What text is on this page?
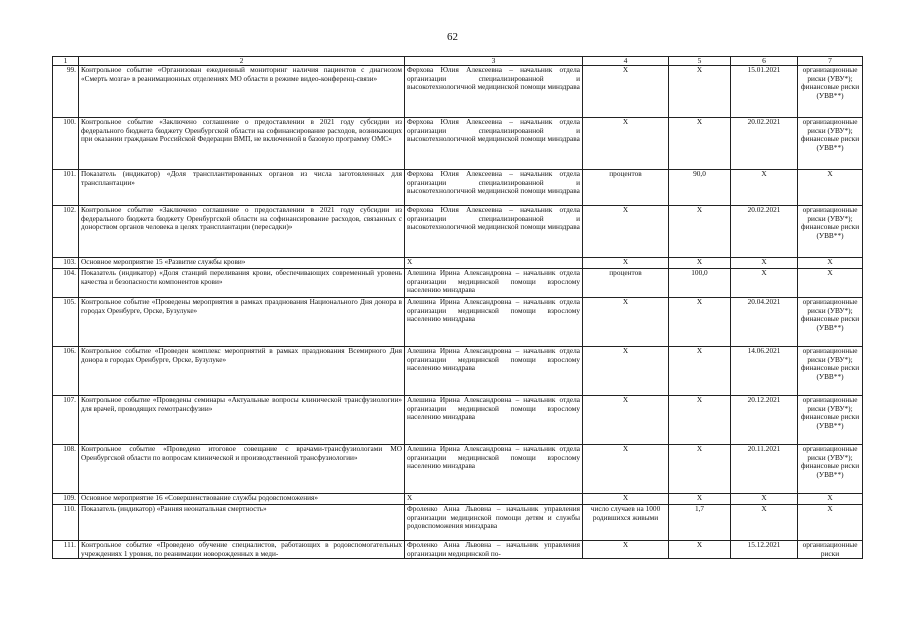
62
1	2	3	4	5	6	7
99.	Контрольное событие «Организован ежедневный мониторинг наличия пациентов с диагнозом «Смерть мозга» в реанимационных отделениях МО области в режиме видео-конференц-связи»	Ферхова Юлия Алексеевна – начальник отдела организации специализированной и высокотехнологичной медицинской помощи минздрава	X	X	15.01.2021	организационные риски (УВУ*); финансовые риски (УВВ**)
100.	Контрольное событие «Заключено соглашение о предоставлении в 2021 году субсидии из федерального бюджета бюджету Оренбургской области на софинансирование расходов, возникающих при оказании гражданам Российской Федерации ВМП, не включенной в базовую программу ОМС»	Ферхова Юлия Алексеевна – начальник отдела организации специализированной и высокотехнологичной медицинской помощи минздрава	X	X	20.02.2021	организационные риски (УВУ*); финансовые риски (УВВ**)
101.	Показатель (индикатор) «Доля трансплантированных органов из числа заготовленных для трансплантации»	Ферхова Юлия Алексеевна – начальник отдела организации специализированной и высокотехнологичной медицинской помощи минздрава	процентов	90,0	X	X
102.	Контрольное событие «Заключено соглашение о предоставлении в 2021 году субсидии из федерального бюджета бюджету Оренбургской области на софинансирование расходов, связанных с донорством органов человека в целях трансплантации (пересадки)»	Ферхова Юлия Алексеевна – начальник отдела организации специализированной и высокотехнологичной медицинской помощи минздрава	X	X	20.02.2021	организационные риски (УВУ*); финансовые риски (УВВ**)
103.	Основное мероприятие 15 «Развитие службы крови»	X	X	X	X	X
104.	Показатель (индикатор) «Доля станций переливания крови, обеспечивающих современный уровень качества и безопасности компонентов крови»	Алешина Ирина Александровна – начальник отдела организации медицинской помощи взрослому населению минздрава	процентов	100,0	X	X
105.	Контрольное событие «Проведены мероприятия в рамках празднования Национального Дня донора в городах Оренбурге, Орске, Бузулуке»	Алешина Ирина Александровна – начальник отдела организации медицинской помощи взрослому населению минздрава	X	X	20.04.2021	организационные риски (УВУ*); финансовые риски (УВВ**)
106.	Контрольное событие «Проведен комплекс мероприятий в рамках празднования Всемирного Дня донора в городах Оренбурге, Орске, Бузулуке»	Алешина Ирина Александровна – начальник отдела организации медицинской помощи взрослому населению минздрава	X	X	14.06.2021	организационные риски (УВУ*); финансовые риски (УВВ**)
107.	Контрольное событие «Проведены семинары «Актуальные вопросы клинической трансфузиологии» для врачей, проводящих гемотрансфузии»	Алешина Ирина Александровна – начальник отдела организации медицинской помощи взрослому населению минздрава	X	X	20.12.2021	организационные риски (УВУ*); финансовые риски (УВВ**)
108.	Контрольное событие «Проведено итоговое совещание с врачами-трансфузиологами МО Оренбургской области по вопросам клинической и производственной трансфузиологии»	Алешина Ирина Александровна – начальник отдела организации медицинской помощи взрослому населению минздрава	X	X	20.11.2021	организационные риски (УВУ*); финансовые риски (УВВ**)
109.	Основное мероприятие 16 «Совершенствование службы родовспоможения»	X	X	X	X	X
110.	Показатель (индикатор) «Ранняя неонатальная смертность»	Фроленко Анна Львовна – начальник управления организации медицинской помощи детям и службы родовспоможения минздрава	число случаев на 1000 родившихся живыми	1,7	X	X
111.	Контрольное событие «Проведено обучение специалистов, работающих в родовспомогательных учреждениях 1 уровня, по реанимации новорожденных в меди-	Фроленко Анна Львовна – начальник управления организации медицинской по-	X	X	15.12.2021	организационные риски
